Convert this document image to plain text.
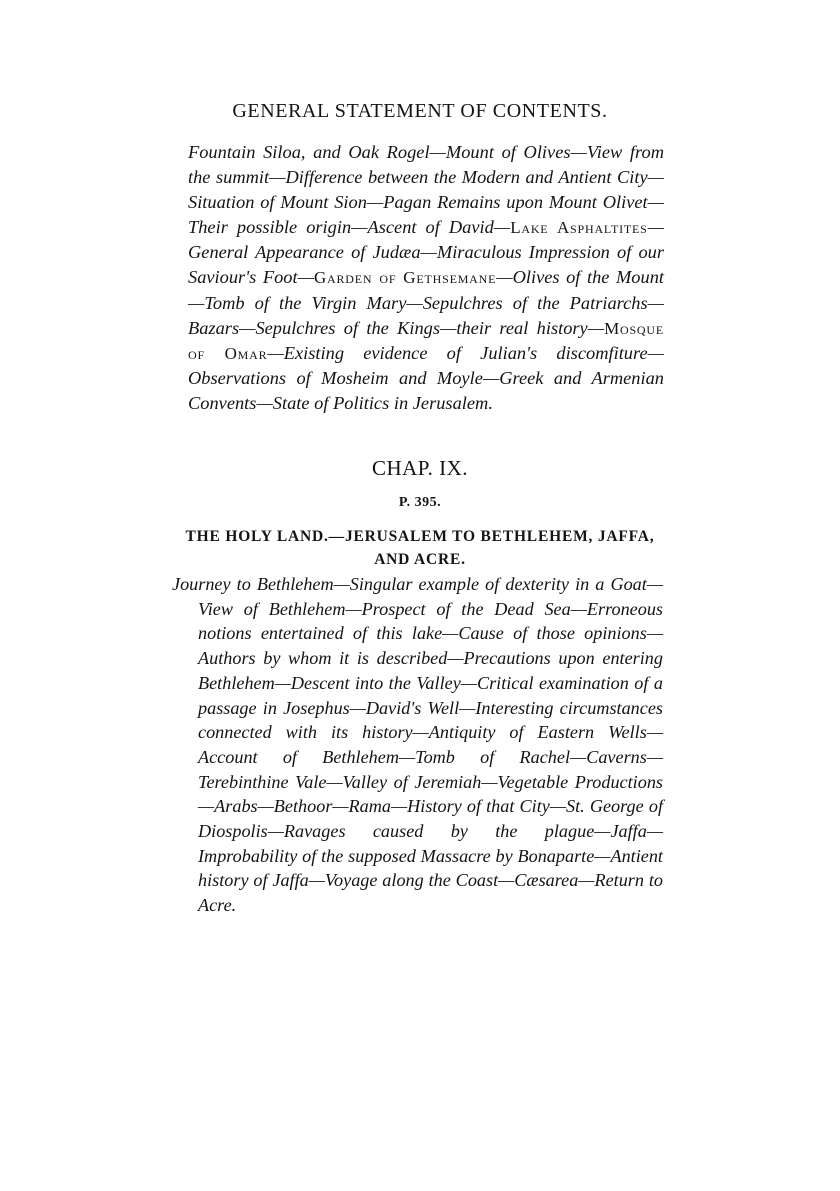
GENERAL STATEMENT OF CONTENTS.

Fountain Siloa, and Oak Rogel—Mount of Olives—View from the summit—Difference between the Modern and Antient City—Situation of Mount Sion—Pagan Remains upon Mount Olivet—Their possible origin—Ascent of David—Lake Asphaltites—General Appearance of Judæa—Miraculous Impression of our Saviour's Foot—Garden of Gethsemane—Olives of the Mount—Tomb of the Virgin Mary—Sepulchres of the Patriarchs—Bazars—Sepulchres of the Kings—their real history—Mosque of Omar—Existing evidence of Julian's discomfiture—Observations of Mosheim and Moyle—Greek and Armenian Convents—State of Politics in Jerusalem.

CHAP. IX.
P. 395.
THE HOLY LAND.—JERUSALEM TO BETHLEHEM, JAFFA, AND ACRE.

Journey to Bethlehem—Singular example of dexterity in a Goat—View of Bethlehem—Prospect of the Dead Sea—Erroneous notions entertained of this lake—Cause of those opinions—Authors by whom it is described—Precautions upon entering Bethlehem—Descent into the Valley—Critical examination of a passage in Josephus—David's Well—Interesting circumstances connected with its history—Antiquity of Eastern Wells—Account of Bethlehem—Tomb of Rachel—Caverns—Terebinthine Vale—Valley of Jeremiah—Vegetable Productions—Arabs—Bethoor—Rama—History of that City—St. George of Diospolis—Ravages caused by the plague—Jaffa—Improbability of the supposed Massacre by Bonaparte—Antient history of Jaffa—Voyage along the Coast—Cæsarea—Return to Acre.
